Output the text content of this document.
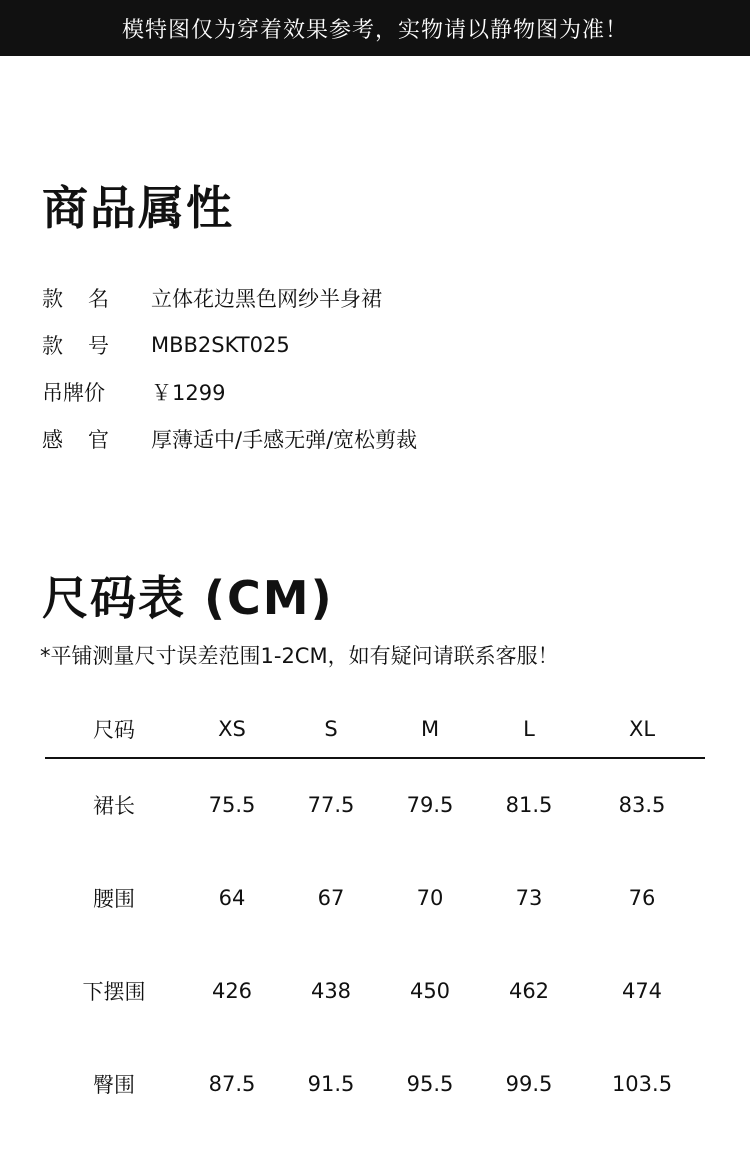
模特图仅为穿着效果参考，实物请以静物图为准！
商品属性
款 名 立体花边黑色网纱半身裙
款 号 MBB2SKT025
吊牌价 ￥1299
感 官 厚薄适中/手感无弹/宽松剪裁
尺码表 (CM)
*平铺测量尺寸误差范围1-2CM，如有疑问请联系客服！
尺码	XS	S	M	L	XL
裙长	75.5	77.5	79.5	81.5	83.5
腰围	64	67	70	73	76
下摆围	426	438	450	462	474
臀围	87.5	91.5	95.5	99.5	103.5
